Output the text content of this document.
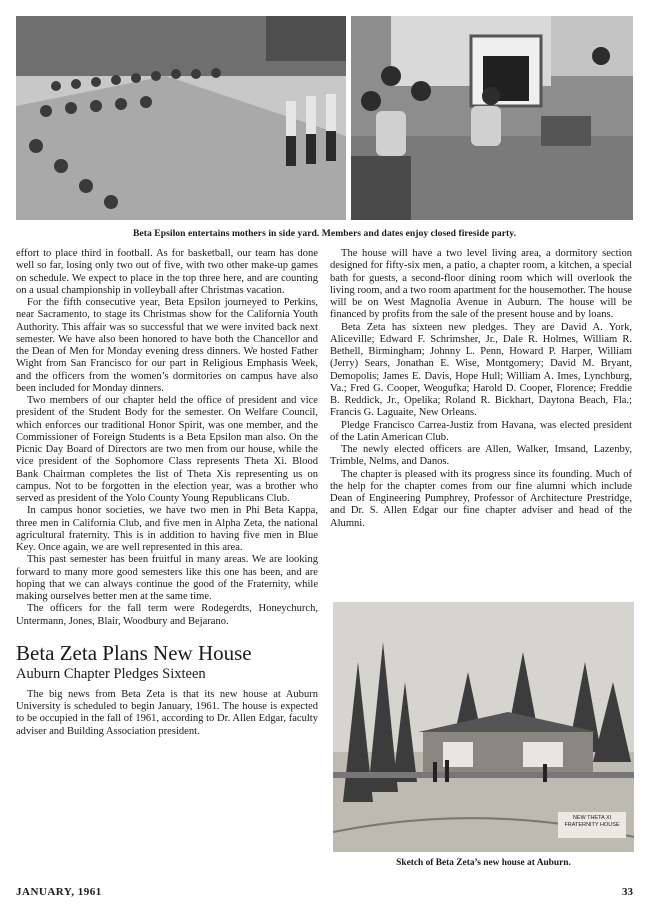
Beta Epsilon entertains mothers in side yard. Members and dates enjoy closed fireside party.

effort to place third in football. As for basketball, our team has done well so far, losing only two out of five, with two other make-up games on schedule. We expect to place in the top three here, and are counting on a usual championship in volleyball after Christmas vacation.

For the fifth consecutive year, Beta Epsilon journeyed to Perkins, near Sacramento, to stage its Christmas show for the California Youth Authority. This affair was so successful that we were invited back next semester. We have also been honored to have both the Chancellor and the Dean of Men for Monday evening dress dinners. We hosted Father Wight from San Francisco for our part in Religious Emphasis Week, and the officers from the women’s dormitories on campus have also been included for Monday dinners.

Two members of our chapter held the office of president and vice president of the Student Body for the semester. On Welfare Council, which enforces our traditional Honor Spirit, was one member, and the Commissioner of Foreign Students is a Beta Epsilon man also. On the Picnic Day Board of Directors are two men from our house, while the vice president of the Sophomore Class represents Theta Xi. Blood Bank Chairman completes the list of Theta Xis representing us on campus. Not to be forgotten in the election year, was a brother who served as president of the Yolo County Young Republicans Club.

In campus honor societies, we have two men in Phi Beta Kappa, three men in California Club, and five men in Alpha Zeta, the national agricultural fraternity. This is in addition to having five men in Blue Key. Once again, we are well represented in this area.

This past semester has been fruitful in many areas. We are looking forward to many more good semesters like this one has been, and are hoping that we can always continue the good of the Fraternity, while making ourselves better men at the same time.

The officers for the fall term were Rodegerdts, Honeychurch, Untermann, Jones, Blair, Woodbury and Bejarano.

Beta Zeta Plans New House
Auburn Chapter Pledges Sixteen

The big news from Beta Zeta is that its new house at Auburn University is scheduled to begin January, 1961. The house is expected to be occupied in the fall of 1961, according to Dr. Allen Edgar, faculty adviser and Building Association president.

The house will have a two level living area, a dormitory section designed for fifty-six men, a patio, a chapter room, a kitchen, a special bath for guests, a second-floor dining room which will overlook the living room, and a two room apartment for the housemother. The house will be on West Magnolia Avenue in Auburn. The house will be financed by profits from the sale of the present house and by loans.

Beta Zeta has sixteen new pledges. They are David A. York, Aliceville; Edward F. Schrimsher, Jr., Dale R. Holmes, William R. Bethell, Birmingham; Johnny L. Penn, Howard P. Harper, William (Jerry) Sears, Jonathan E. Wise, Montgomery; David M. Bryant, Demopolis; James E. Davis, Hope Hull; William A. Imes, Lynchburg, Va.; Fred G. Cooper, Weogufka; Harold D. Cooper, Florence; Freddie B. Reddick, Jr., Opelika; Roland R. Bickhart, Daytona Beach, Fla.; Francis G. Laguaite, New Orleans.

Pledge Francisco Carrea-Justiz from Havana, was elected president of the Latin American Club.

The newly elected officers are Allen, Walker, Imsand, Lazenby, Trimble, Nelms, and Danos.

The chapter is pleased with its progress since its founding. Much of the help for the chapter comes from our fine alumni which include Dean of Engineering Pumphrey, Professor of Architecture Prestridge, and Dr. S. Allen Edgar our fine chapter adviser and head of the Alumni.

NEW THETA XI FRATERNITY HOUSE
Sketch of Beta Zeta’s new house at Auburn.
JANUARY, 1961	33
